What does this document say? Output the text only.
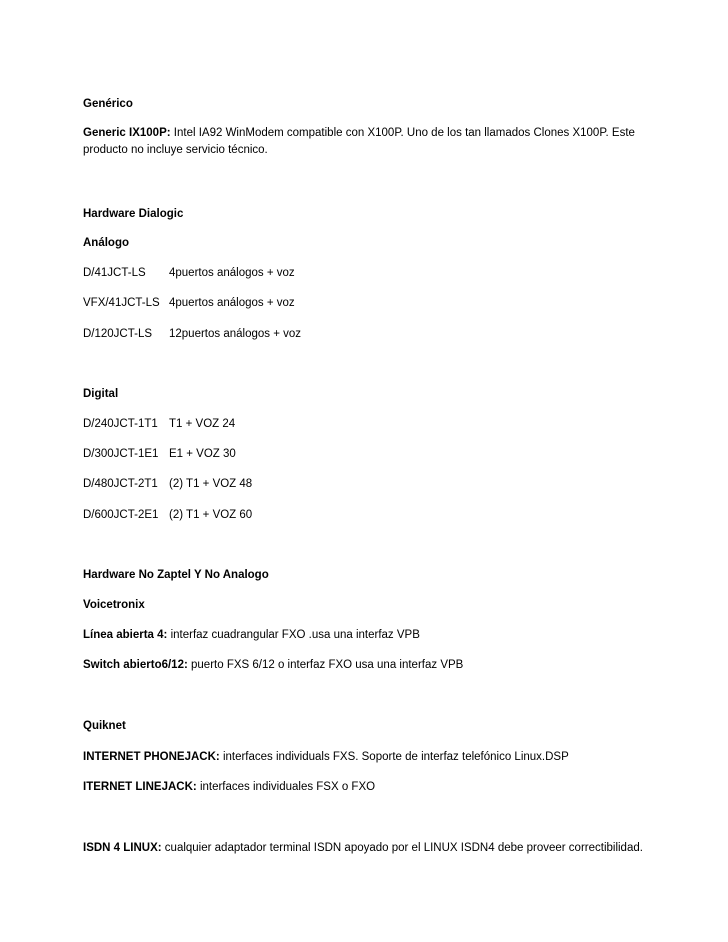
Genérico
Generic IX100P: Intel IA92 WinModem compatible con X100P. Uno de los tan llamados Clones X100P. Este producto no incluye servicio técnico.
Hardware Dialogic
Análogo
D/41JCT-LS 4puertos análogos + voz
VFX/41JCT-LS 4puertos análogos + voz
D/120JCT-LS 12puertos análogos + voz
Digital
D/240JCT-1T1 T1 + VOZ 24
D/300JCT-1E1 E1 + VOZ 30
D/480JCT-2T1 (2) T1 + VOZ 48
D/600JCT-2E1 (2) T1 + VOZ 60
Hardware No Zaptel Y No Analogo
Voicetronix
Línea abierta 4: interfaz cuadrangular FXO .usa una interfaz VPB
Switch abierto6/12: puerto FXS 6/12 o interfaz FXO usa una interfaz VPB
Quiknet
INTERNET PHONEJACK: interfaces individuals FXS. Soporte de interfaz telefónico Linux.DSP
ITERNET LINEJACK: interfaces individuales FSX o FXO
ISDN 4 LINUX: cualquier adaptador terminal ISDN apoyado por el LINUX ISDN4 debe proveer correctibilidad.
